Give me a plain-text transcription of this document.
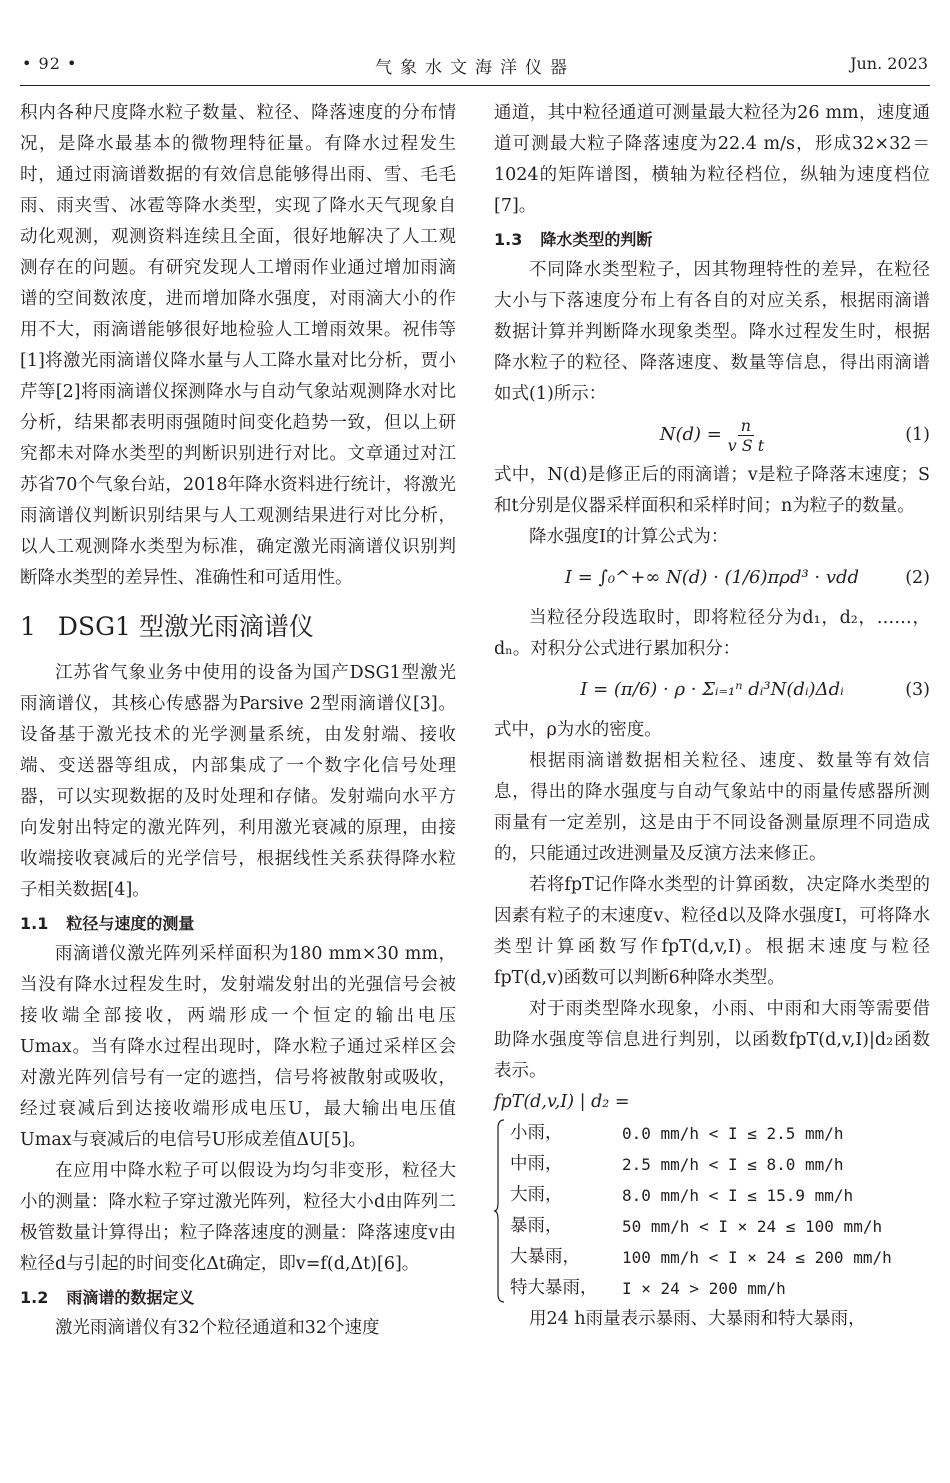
• 92 •	气象水文海洋仪器	Jun. 2023

积内各种尺度降水粒子数量、粒径、降落速度的分布情况，是降水最基本的微物理特征量。有降水过程发生时，通过雨滴谱数据的有效信息能够得出雨、雪、毛毛雨、雨夹雪、冰雹等降水类型，实现了降水天气现象自动化观测，观测资料连续且全面，很好地解决了人工观测存在的问题。有研究发现人工增雨作业通过增加雨滴谱的空间数浓度，进而增加降水强度，对雨滴大小的作用不大，雨滴谱能够很好地检验人工增雨效果。祝伟等[1]将激光雨滴谱仪降水量与人工降水量对比分析，贾小芹等[2]将雨滴谱仪探测降水与自动气象站观测降水对比分析，结果都表明雨强随时间变化趋势一致，但以上研究都未对降水类型的判断识别进行对比。文章通过对江苏省70个气象台站，2018年降水资料进行统计，将激光雨滴谱仪判断识别结果与人工观测结果进行对比分析，以人工观测降水类型为标准，确定激光雨滴谱仪识别判断降水类型的差异性、准确性和可适用性。

1 DSG1 型激光雨滴谱仪

江苏省气象业务中使用的设备为国产DSG1型激光雨滴谱仪，其核心传感器为Parsive 2型雨滴谱仪[3]。设备基于激光技术的光学测量系统，由发射端、接收端、变送器等组成，内部集成了一个数字化信号处理器，可以实现数据的及时处理和存储。发射端向水平方向发射出特定的激光阵列，利用激光衰减的原理，由接收端接收衰减后的光学信号，根据线性关系获得降水粒子相关数据[4]。

1.1 粒径与速度的测量

雨滴谱仪激光阵列采样面积为180 mm×30 mm，当没有降水过程发生时，发射端发射出的光强信号会被接收端全部接收，两端形成一个恒定的输出电压Umax。当有降水过程出现时，降水粒子通过采样区会对激光阵列信号有一定的遮挡，信号将被散射或吸收，经过衰减后到达接收端形成电压U，最大输出电压值Umax与衰减后的电信号U形成差值ΔU[5]。

在应用中降水粒子可以假设为均匀非变形，粒径大小的测量：降水粒子穿过激光阵列，粒径大小d由阵列二极管数量计算得出；粒子降落速度的测量：降落速度v由粒径d与引起的时间变化Δt确定，即v=f(d,Δt)[6]。

1.2 雨滴谱的数据定义

激光雨滴谱仪有32个粒径通道和32个速度

通道，其中粒径通道可测量最大粒径为26 mm，速度通道可测最大粒子降落速度为22.4 m/s，形成32×32＝1024的矩阵谱图，横轴为粒径档位，纵轴为速度档位[7]。

1.3 降水类型的判断

不同降水类型粒子，因其物理特性的差异，在粒径大小与下落速度分布上有各自的对应关系，根据雨滴谱数据计算并判断降水现象类型。降水过程发生时，根据降水粒子的粒径、降落速度、数量等信息，得出雨滴谱如式(1)所示：

$N(d) = \frac{n}{\text{v S t}}$	(1)

式中，N(d)是修正后的雨滴谱；v是粒子降落末速度；S和t分别是仪器采样面积和采样时间；n为粒子的数量。

降水强度I的计算公式为：

I = ∫₀^+∞ N(d) · (1/6)πρd³ · vdd	(2)

当粒径分段选取时，即将粒径分为d₁，d₂，……，dₙ。对积分公式进行累加积分：

I = (π/6) · ρ · Σᵢ₌₁ⁿ dᵢ³N(dᵢ)Δdᵢ	(3)

式中，ρ为水的密度。

根据雨滴谱数据相关粒径、速度、数量等有效信息，得出的降水强度与自动气象站中的雨量传感器所测雨量有一定差别，这是由于不同设备测量原理不同造成的，只能通过改进测量及反演方法来修正。

若将fpT记作降水类型的计算函数，决定降水类型的因素有粒子的末速度v、粒径d以及降水强度I，可将降水类型计算函数写作fpT(d,v,I)。根据末速度与粒径fpT(d,v)函数可以判断6种降水类型。

对于雨类型降水现象，小雨、中雨和大雨等需要借助降水强度等信息进行判别，以函数fpT(d,v,I)|d₂函数表示。

fpT(d,v,I) | d₂ =
小雨，	0.0 mm/h < I ≤ 2.5 mm/h
中雨，	2.5 mm/h < I ≤ 8.0 mm/h
大雨，	8.0 mm/h < I ≤ 15.9 mm/h
暴雨，	50 mm/h < I × 24 ≤ 100 mm/h
大暴雨，	100 mm/h < I × 24 ≤ 200 mm/h
特大暴雨，	I × 24 > 200 mm/h

用24 h雨量表示暴雨、大暴雨和特大暴雨，
